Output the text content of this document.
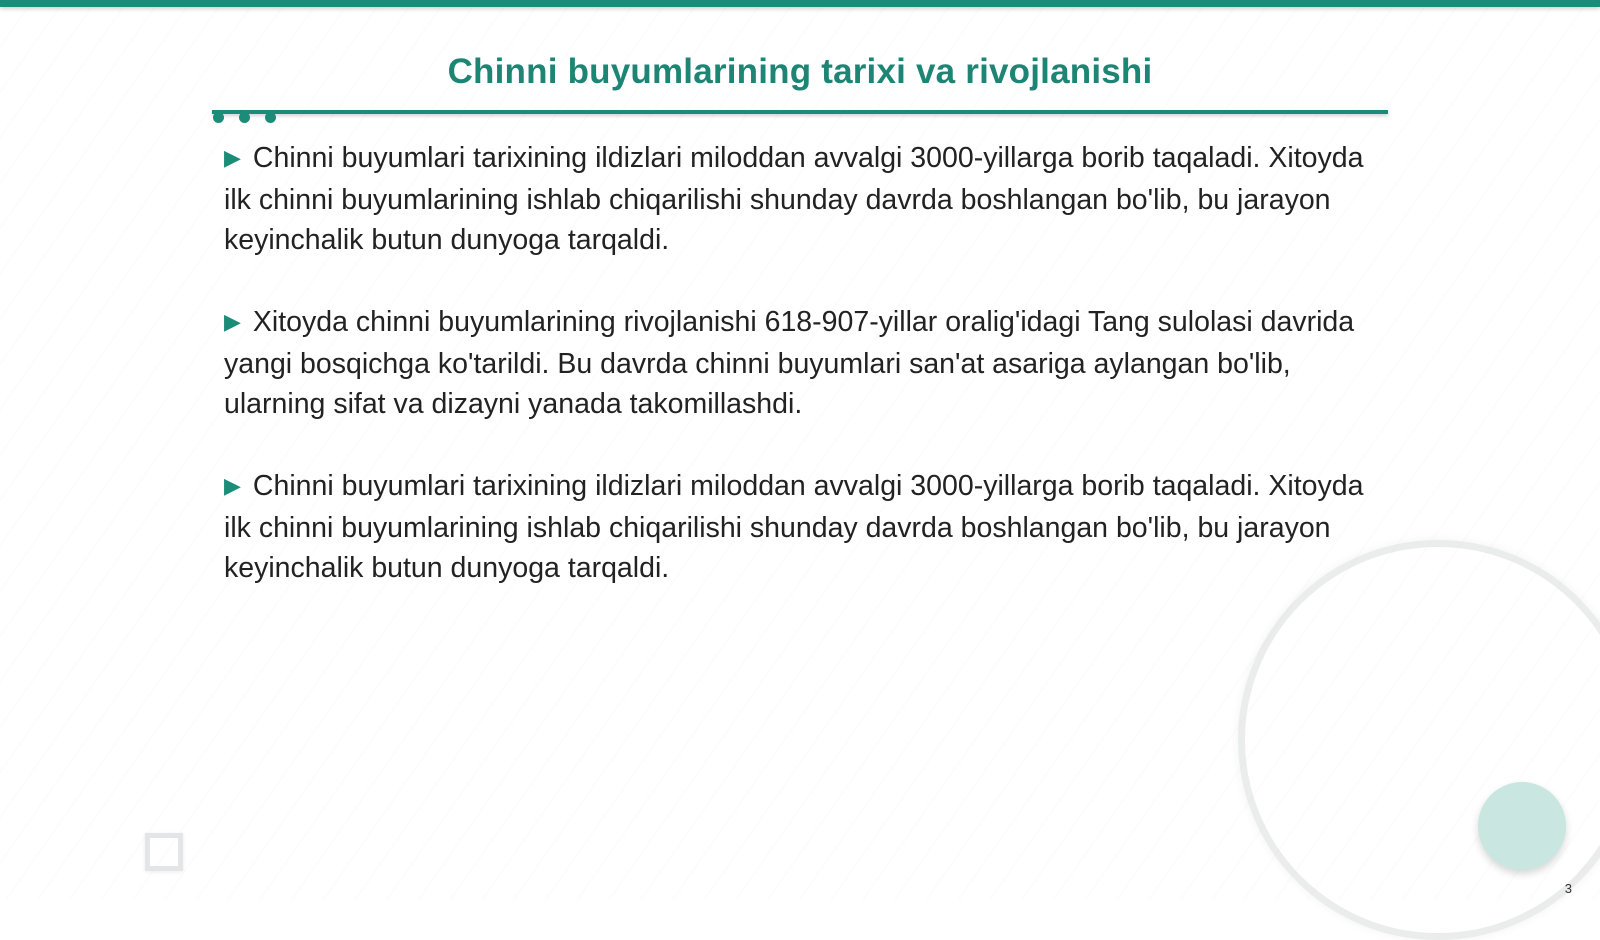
Chinni buyumlarining tarixi va rivojlanishi

▶ Chinni buyumlari tarixining ildizlari miloddan avvalgi 3000-yillarga borib taqaladi. Xitoyda ilk chinni buyumlarining ishlab chiqarilishi shunday davrda boshlangan bo'lib, bu jarayon keyinchalik butun dunyoga tarqaldi.

▶ Xitoyda chinni buyumlarining rivojlanishi 618-907-yillar oralig'idagi Tang sulolasi davrida yangi bosqichga ko'tarildi. Bu davrda chinni buyumlari san'at asariga aylangan bo'lib, ularning sifat va dizayni yanada takomillashdi.

▶ Chinni buyumlari tarixining ildizlari miloddan avvalgi 3000-yillarga borib taqaladi. Xitoyda ilk chinni buyumlarining ishlab chiqarilishi shunday davrda boshlangan bo'lib, bu jarayon keyinchalik butun dunyoga tarqaldi.

3
